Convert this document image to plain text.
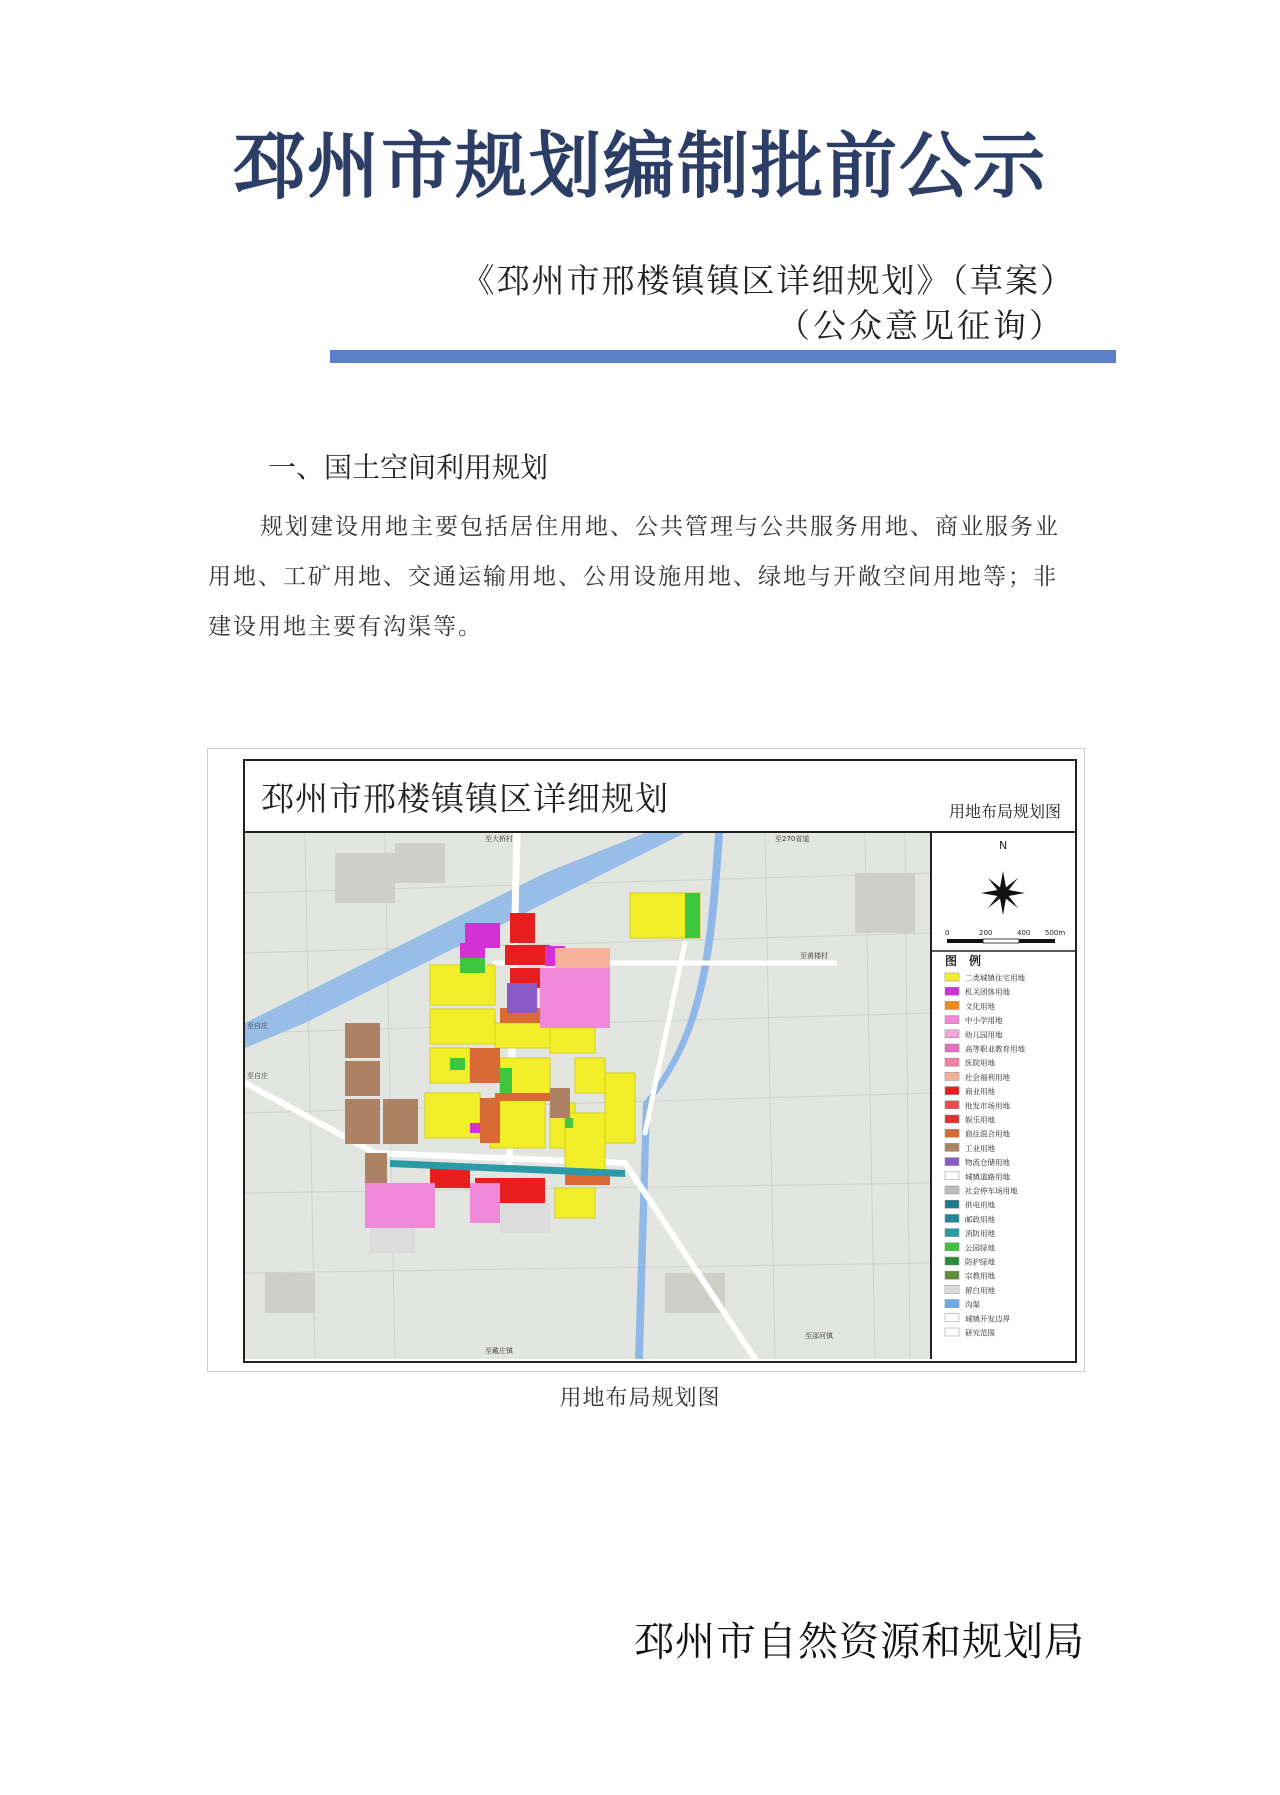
邳州市规划编制批前公示
《邳州市邢楼镇镇区详细规划》（草案）
（公众意见征询）
一、国土空间利用规划
规划建设用地主要包括居住用地、公共管理与公共服务用地、商业服务业用地、工矿用地、交通运输用地、公用设施用地、绿地与开敞空间用地等；非建设用地主要有沟渠等。
邳州市邢楼镇镇区详细规划	用地布局规划图
至大桥村	至270省道
至黄楼村
至自庄
至自庄
至戴庄镇
至邵河镇
N
0	200	400 500m
图　例
二类城镇住宅用地
机关团体用地
文化用地
中小学用地
幼儿园用地
高等职业教育用地
医院用地
社会福利用地
商业用地
批发市场用地
娱乐用地
商住混合用地
工业用地
物流仓储用地
城镇道路用地
社会停车场用地
供电用地
邮政用地
消防用地
公园绿地
防护绿地
宗教用地
留白用地
沟渠
城镇开发边界
研究范围
用地布局规划图
邳州市自然资源和规划局
